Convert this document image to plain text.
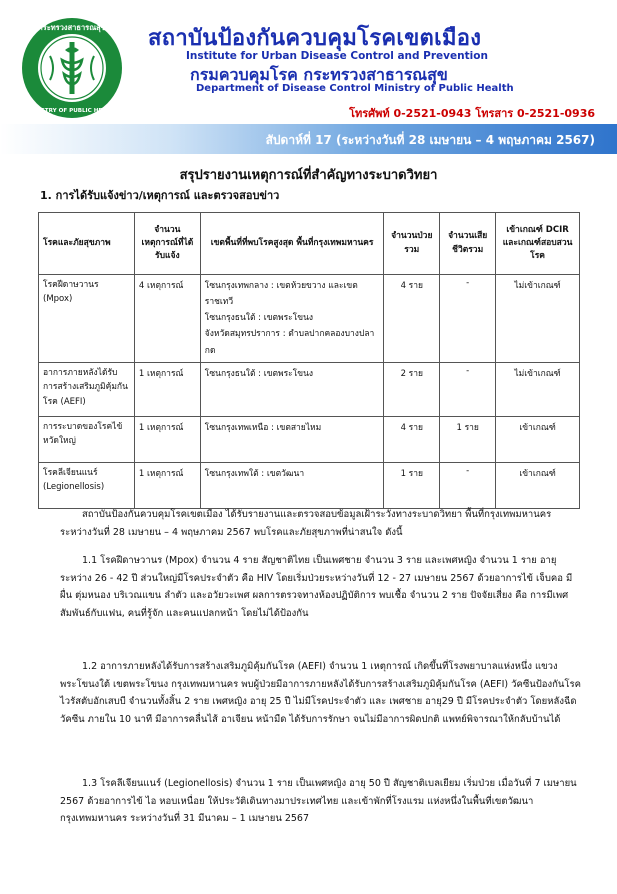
กระทรวงสาธารณสุข
MINISTRY OF PUBLIC HEALTH
สถาบันป้องกันควบคุมโรคเขตเมือง
Institute for Urban Disease Control and Prevention
กรมควบคุมโรค กระทรวงสาธารณสุข
Department of Disease Control Ministry of Public Health
โทรศัพท์ 0-2521-0943 โทรสาร 0-2521-0936
สัปดาห์ที่ 17 (ระหว่างวันที่ 28 เมษายน – 4 พฤษภาคม 2567)
สรุปรายงานเหตุการณ์ที่สำคัญทางระบาดวิทยา
1. การได้รับแจ้งข่าว/เหตุการณ์ และตรวจสอบข่าว
โรคและภัยสุขภาพ	จำนวนเหตุการณ์ที่ได้รับแจ้ง	เขตพื้นที่ที่พบโรคสูงสุด พื้นที่กรุงเทพมหานคร	จำนวนป่วยรวม	จำนวนเสียชีวิตรวม	เข้าเกณฑ์ DCIR และเกณฑ์สอบสวนโรค
โรคฝีดาษวานร (Mpox)	4 เหตุการณ์	โซนกรุงเทพกลาง : เขตห้วยขวาง และเขตราชเทวี
โซนกรุงธนใต้ : เขตพระโขนง
จังหวัดสมุทรปราการ : ตำบลปากคลองบางปลากด	4 ราย	-	ไม่เข้าเกณฑ์
อาการภายหลังได้รับการสร้างเสริมภูมิคุ้มกันโรค (AEFI)	1 เหตุการณ์	โซนกรุงธนใต้ : เขตพระโขนง	2 ราย	-	ไม่เข้าเกณฑ์
การระบาดของโรคไข้หวัดใหญ่	1 เหตุการณ์	โซนกรุงเทพเหนือ : เขตสายไหม	4 ราย	1 ราย	เข้าเกณฑ์
โรคลีเจียนแนร์ (Legionellosis)	1 เหตุการณ์	โซนกรุงเทพใต้ : เขตวัฒนา	1 ราย	-	เข้าเกณฑ์

สถาบันป้องกันควบคุมโรคเขตเมือง ได้รับรายงานและตรวจสอบข้อมูลเฝ้าระวังทางระบาดวิทยา พื้นที่กรุงเทพมหานคร ระหว่างวันที่ 28 เมษายน – 4 พฤษภาคม 2567 พบโรคและภัยสุขภาพที่น่าสนใจ ดังนี้

1.1 โรคฝีดาษวานร (Mpox) จำนวน 4 ราย สัญชาติไทย เป็นเพศชาย จำนวน 3 ราย และเพศหญิง จำนวน 1 ราย อายุระหว่าง 26 - 42 ปี ส่วนใหญ่มีโรคประจำตัว คือ HIV โดยเริ่มป่วยระหว่างวันที่ 12 - 27 เมษายน 2567 ด้วยอาการไข้ เจ็บคอ มีผื่น ตุ่มหนอง บริเวณแขน ลำตัว และอวัยวะเพศ ผลการตรวจทางห้องปฏิบัติการ พบเชื้อ จำนวน 2 ราย ปัจจัยเสี่ยง คือ การมีเพศสัมพันธ์กับแฟน, คนที่รู้จัก และคนแปลกหน้า โดยไม่ได้ป้องกัน

1.2 อาการภายหลังได้รับการสร้างเสริมภูมิคุ้มกันโรค (AEFI) จำนวน 1 เหตุการณ์ เกิดขึ้นที่โรงพยาบาลแห่งหนึ่ง แขวงพระโขนงใต้ เขตพระโขนง กรุงเทพมหานคร พบผู้ป่วยมีอาการภายหลังได้รับการสร้างเสริมภูมิคุ้มกันโรค (AEFI) วัคซีนป้องกันโรคไวรัสตับอักเสบบี จำนวนทั้งสิ้น 2 ราย เพศหญิง อายุ 25 ปี ไม่มีโรคประจำตัว และ เพศชาย อายุ29 ปี มีโรคประจำตัว โดยหลังฉีดวัคซีน ภายใน 10 นาที มีอาการคลื่นไส้ อาเจียน หน้ามืด ได้รับการรักษา จนไม่มีอาการผิดปกติ แพทย์พิจารณาให้กลับบ้านได้

1.3 โรคลีเจียนแนร์ (Legionellosis) จำนวน 1 ราย เป็นเพศหญิง อายุ 50 ปี สัญชาติเบลเยียม เริ่มป่วย เมื่อวันที่ 7 เมษายน 2567 ด้วยอาการไข้ ไอ หอบเหนื่อย ให้ประวัติเดินทางมาประเทศไทย และเข้าพักที่โรงแรม แห่งหนึ่งในพื้นที่เขตวัฒนา กรุงเทพมหานคร ระหว่างวันที่ 31 มีนาคม – 1 เมษายน 2567
